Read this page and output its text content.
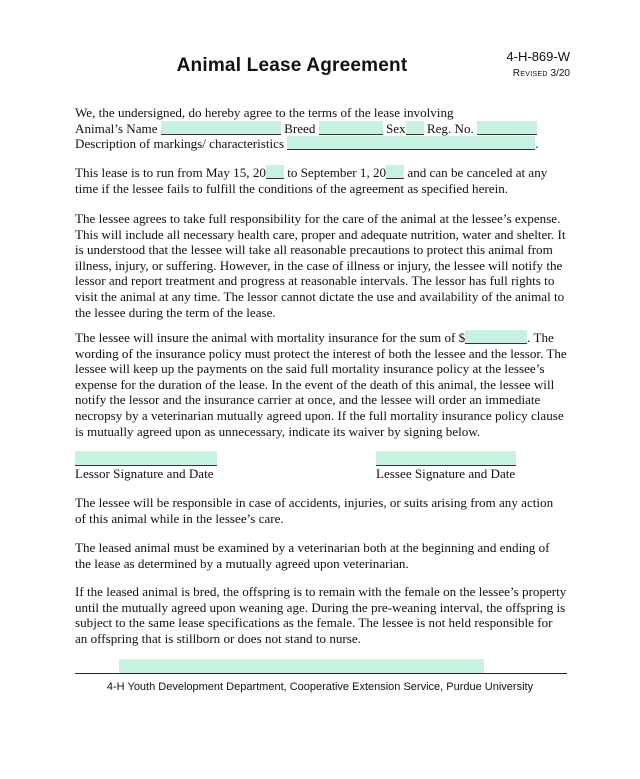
Animal Lease Agreement	4-H-869-W
Revised 3/20

We, the undersigned, do hereby agree to the terms of the lease involving

Animal’s Name	Breed	Sex Reg. No.

Description of markings/ characteristics	.

This lease is to run from May 15, 20 to September 1, 20 and can be canceled at any time if the lessee fails to fulfill the conditions of the agreement as specified herein.

The lessee agrees to take full responsibility for the care of the animal at the lessee’s expense. This will include all necessary health care, proper and adequate nutrition, water and shelter. It is understood that the lessee will take all reasonable precautions to protect this animal from illness, injury, or suffering. However, in the case of illness or injury, the lessee will notify the lessor and report treatment and progress at reasonable intervals. The lessor has full rights to visit the animal at any time. The lessor cannot dictate the use and availability of the animal to the lessee during the term of the lease.

The lessee will insure the animal with mortality insurance for the sum of $	. The wording of the insurance policy must protect the interest of both the lessee and the lessor. The lessee will keep up the payments on the said full mortality insurance policy at the lessee’s expense for the duration of the lease. In the event of the death of this animal, the lessee will notify the lessor and the insurance carrier at once, and the lessee will order an immediate necropsy by a veterinarian mutually agreed upon. If the full mortality insurance policy clause is mutually agreed upon as unnecessary, indicate its waiver by signing below.

Lessor Signature and Date	Lessee Signature and Date

The lessee will be responsible in case of accidents, injuries, or suits arising from any action of this animal while in the lessee’s care.

The leased animal must be examined by a veterinarian both at the beginning and ending of the lease as determined by a mutually agreed upon veterinarian.

If the leased animal is bred, the offspring is to remain with the female on the lessee’s property until the mutually agreed upon weaning age. During the pre-weaning interval, the offspring is subject to the same lease specifications as the female. The lessee is not held responsible for an offspring that is stillborn or does not stand to nurse.

4-H Youth Development Department, Cooperative Extension Service, Purdue University
